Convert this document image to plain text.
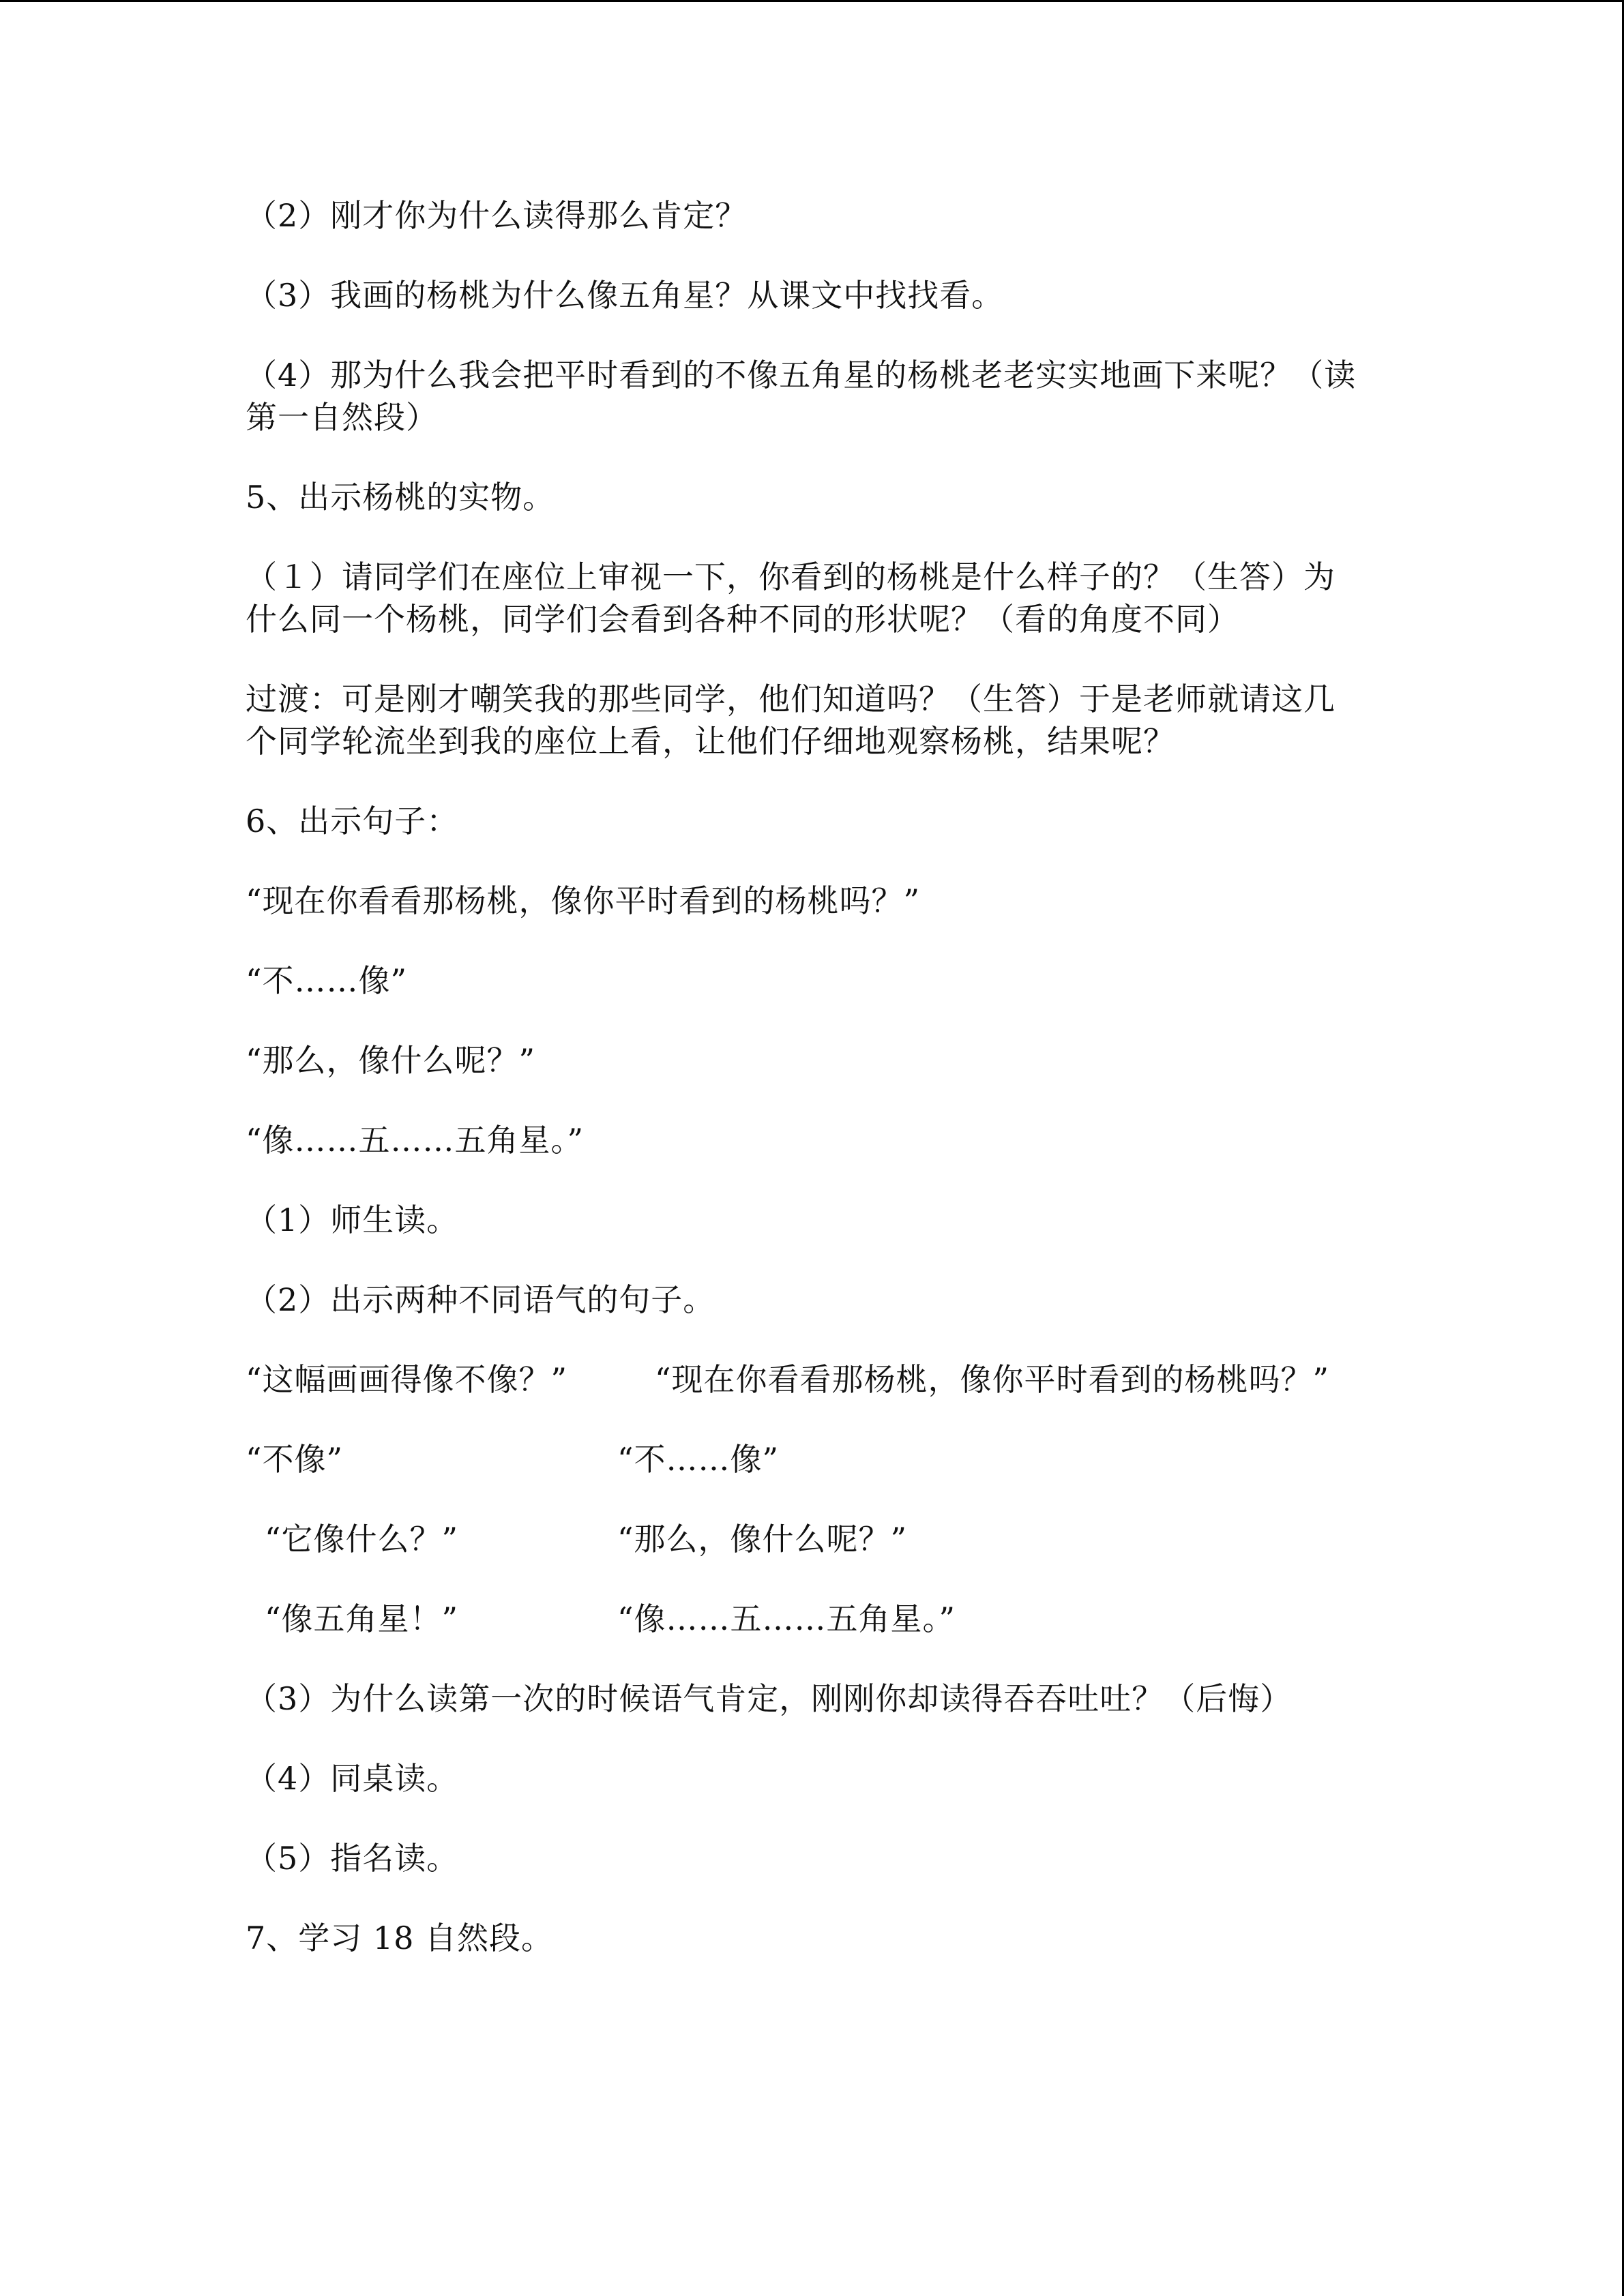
（2）刚才你为什么读得那么肯定？

（3）我画的杨桃为什么像五角星？从课文中找找看。

（4）那为什么我会把平时看到的不像五角星的杨桃老老实实地画下来呢？（读
第一自然段）

5、出示杨桃的实物。

（１）请同学们在座位上审视一下，你看到的杨桃是什么样子的？（生答）为
什么同一个杨桃，同学们会看到各种不同的形状呢？（看的角度不同）

过渡：可是刚才嘲笑我的那些同学，他们知道吗？（生答）于是老师就请这几
个同学轮流坐到我的座位上看，让他们仔细地观察杨桃，结果呢？

6、出示句子：

“现在你看看那杨桃，像你平时看到的杨桃吗？”

“不……像”

“那么，像什么呢？”

“像……五……五角星。”

（1）师生读。

（2）出示两种不同语气的句子。

“这幅画画得像不像？”	“现在你看看那杨桃，像你平时看到的杨桃吗？”
“不像”	“不……像”
“它像什么？”	“那么，像什么呢？”
“像五角星！”	“像……五……五角星。”

（3）为什么读第一次的时候语气肯定，刚刚你却读得吞吞吐吐？（后悔）

（4）同桌读。

（5）指名读。

7、学习 18 自然段。
